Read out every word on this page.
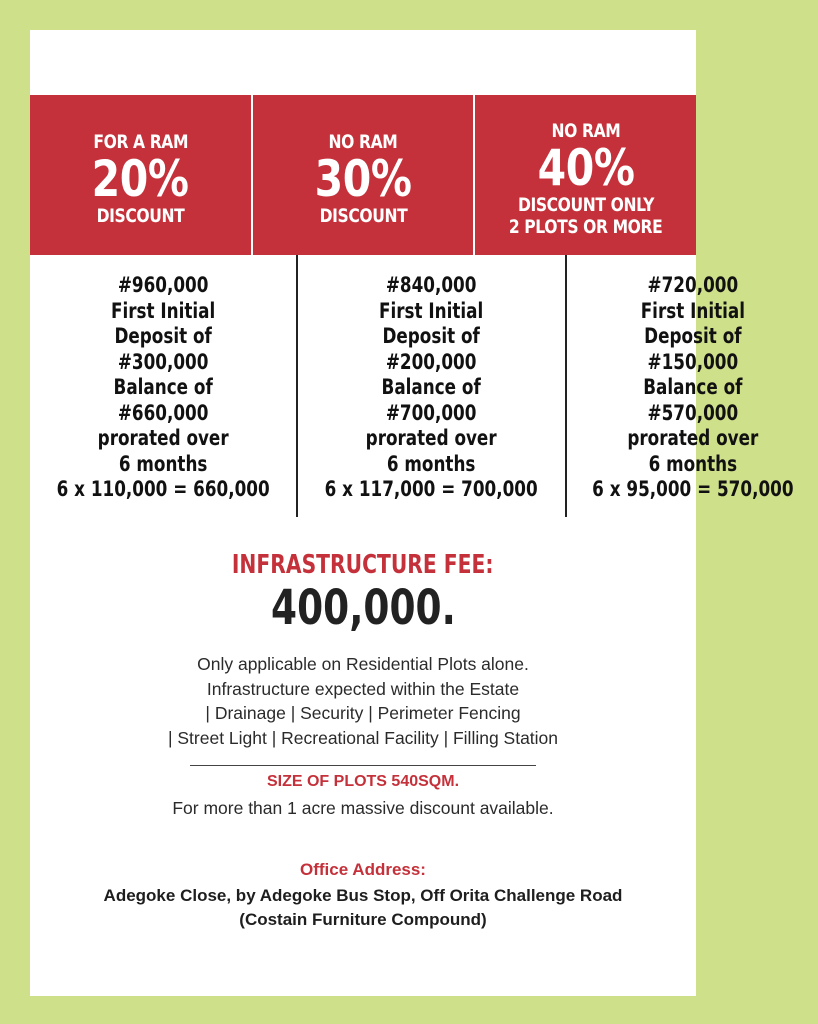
FOR A RAM
20%
DISCOUNT
NO RAM
30%
DISCOUNT
NO RAM
40%
DISCOUNT ONLY
2 PLOTS OR MORE
#960,000
First Initial
Deposit of
#300,000
Balance of
#660,000
prorated over
6 months
6 x 110,000 = 660,000
#840,000
First Initial
Deposit of
#200,000
Balance of
#700,000
prorated over
6 months
6 x 117,000 = 700,000
#720,000
First Initial
Deposit of
#150,000
Balance of
#570,000
prorated over
6 months
6 x 95,000 = 570,000
INFRASTRUCTURE FEE:
400,000.
Only applicable on Residential Plots alone.
Infrastructure expected within the Estate
| Drainage | Security | Perimeter Fencing
| Street Light | Recreational Facility | Filling Station
SIZE OF PLOTS 540SQM.
For more than 1 acre massive discount available.
Office Address:
Adegoke Close, by Adegoke Bus Stop, Off Orita Challenge Road
(Costain Furniture Compound)
